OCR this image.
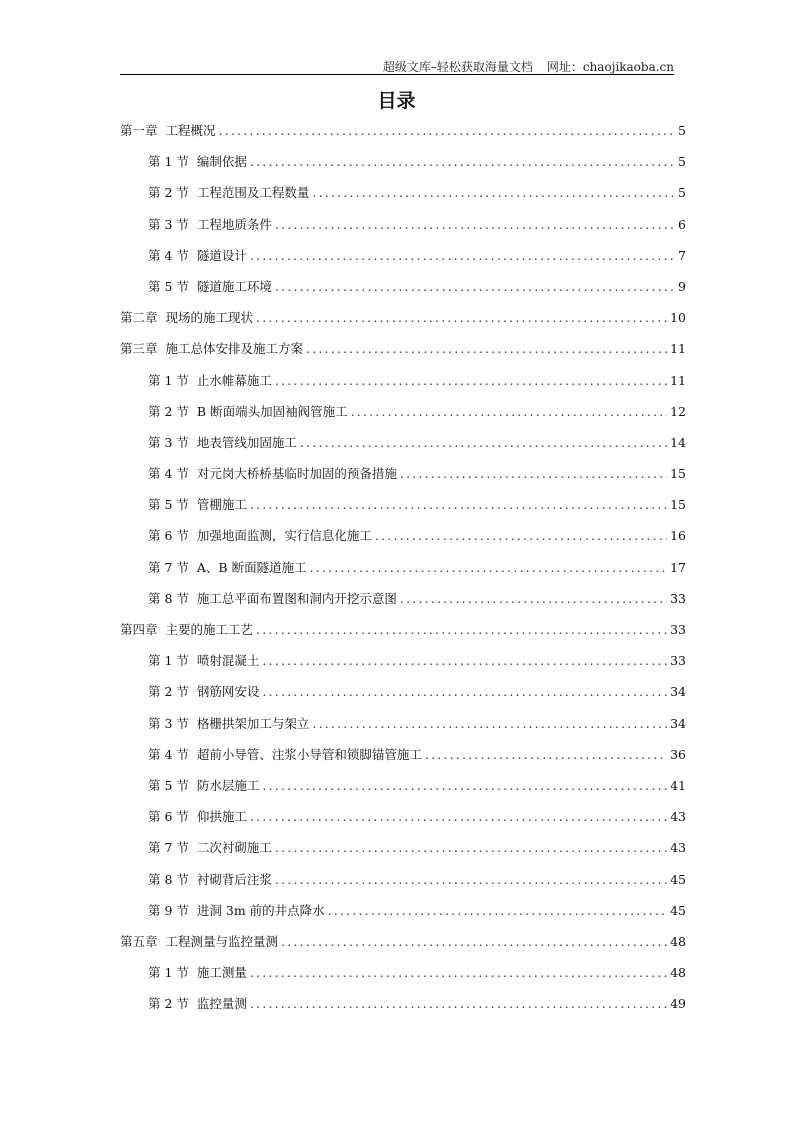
超级文库–轻松获取海量文档 网址：chaojikaoba.cn
目录
第一章 工程概况 .....	5
第 1 节 编制依据 .....	5
第 2 节 工程范围及工程数量 .....	5
第 3 节 工程地质条件 .....	6
第 4 节 隧道设计 .....	7
第 5 节 隧道施工环境 .....	9
第二章 现场的施工现状 .....	10
第三章 施工总体安排及施工方案 .....	11
第 1 节 止水帷幕施工 .....	11
第 2 节 B 断面端头加固袖阀管施工 .....	12
第 3 节 地表管线加固施工 .....	14
第 4 节 对元岗大桥桥基临时加固的预备措施 .....	15
第 5 节 管棚施工 .....	15
第 6 节 加强地面监测，实行信息化施工 .....	16
第 7 节 A、B 断面隧道施工 .....	17
第 8 节 施工总平面布置图和洞内开挖示意图 .....	33
第四章 主要的施工工艺 .....	33
第 1 节 喷射混凝土 .....	33
第 2 节 钢筋网安设 .....	34
第 3 节 格栅拱架加工与架立 .....	34
第 4 节 超前小导管、注浆小导管和锁脚锚管施工 .....	36
第 5 节 防水层施工 .....	41
第 6 节 仰拱施工 .....	43
第 7 节 二次衬砌施工 .....	43
第 8 节 衬砌背后注浆 .....	45
第 9 节 进洞 3m 前的井点降水 .....	45
第五章 工程测量与监控量测 .....	48
第 1 节 施工测量 .....	48
第 2 节 监控量测 .....	49
